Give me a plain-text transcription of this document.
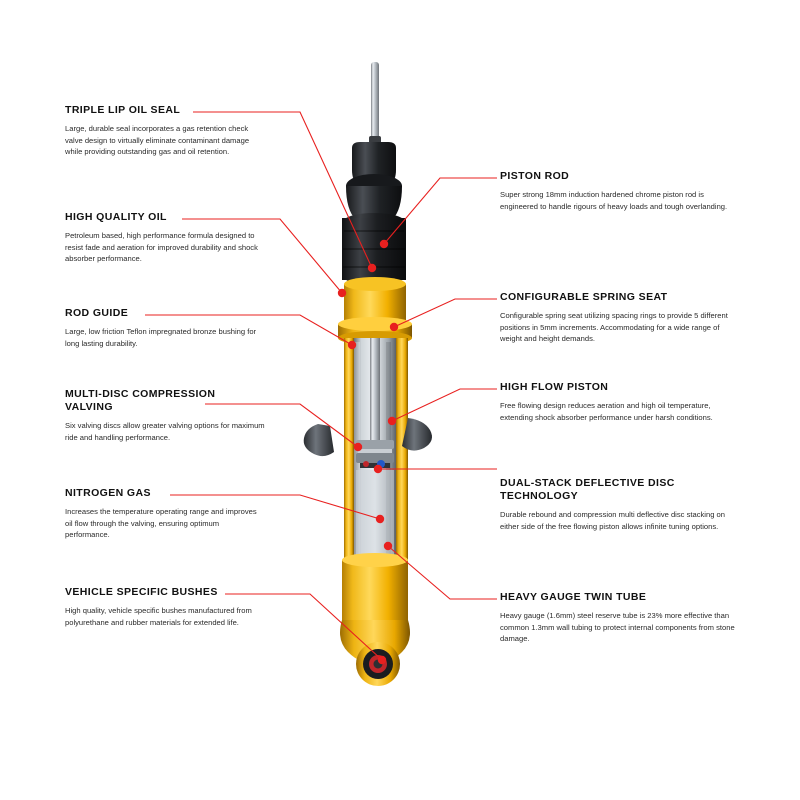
TRIPLE LIP OIL SEAL
Large, durable seal incorporates a gas retention check valve design to virtually eliminate contaminant damage while providing outstanding gas and oil retention.
HIGH QUALITY OIL
Petroleum based, high performance formula designed to resist fade and aeration for improved durability and shock absorber performance.
ROD GUIDE
Large, low friction Teflon impregnated bronze bushing for long lasting durability.
MULTI-DISC COMPRESSION VALVING
Six valving discs allow greater valving options for maximum ride and handling performance.
NITROGEN GAS
Increases the temperature operating range and improves oil flow through the valving, ensuring optimum performance.
VEHICLE SPECIFIC BUSHES
High quality, vehicle specific bushes manufactured from polyurethane and rubber materials for extended life.
PISTON ROD
Super strong 18mm induction hardened chrome piston rod is engineered to handle rigours of heavy loads and tough overlanding.
CONFIGURABLE SPRING SEAT
Configurable spring seat utilizing spacing rings to provide 5 different positions in 5mm increments. Accommodating for a wide range of weight and height demands.
HIGH FLOW PISTON
Free flowing design reduces aeration and high oil temperature, extending shock absorber performance under harsh conditions.
DUAL-STACK DEFLECTIVE DISC TECHNOLOGY
Durable rebound and compression multi deflective disc stacking on either side of the free flowing piston allows infinite tuning options.
HEAVY GAUGE TWIN TUBE
Heavy gauge (1.6mm) steel reserve tube is 23% more effective than common 1.3mm wall tubing to protect internal components from stone damage.
